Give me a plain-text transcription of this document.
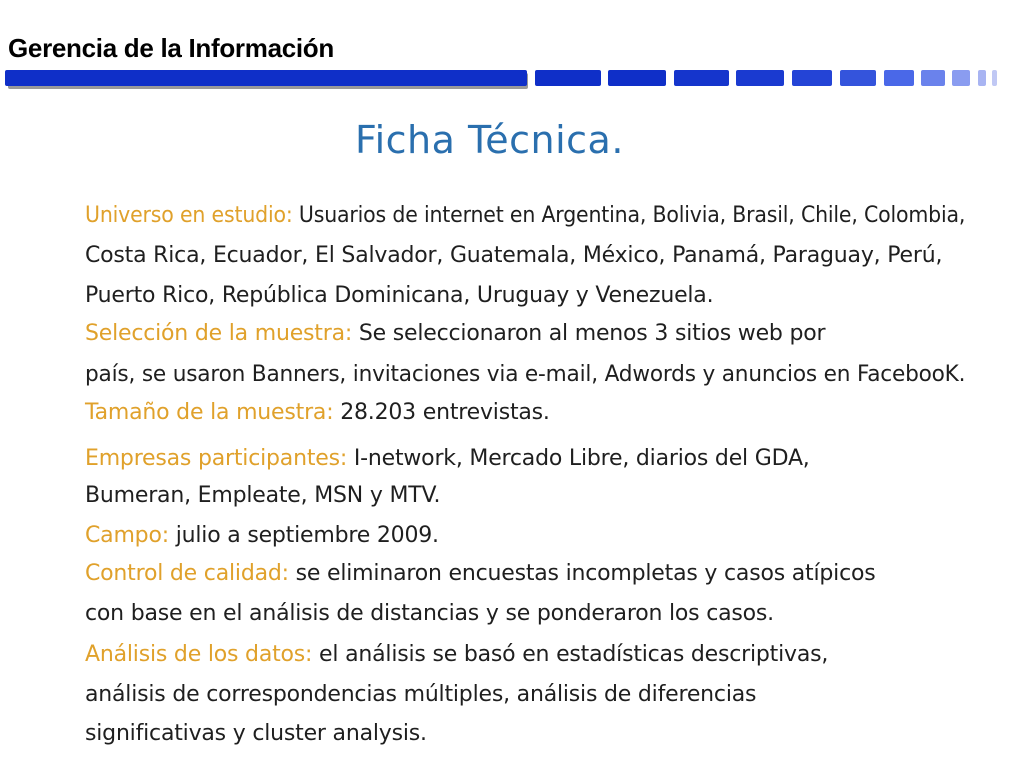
Gerencia de la Información
Ficha Técnica.
Universo en estudio: Usuarios de internet en Argentina, Bolivia, Brasil, Chile, Colombia,
Costa Rica, Ecuador, El Salvador, Guatemala, México, Panamá, Paraguay, Perú,
Puerto Rico, República Dominicana, Uruguay y Venezuela.
Selección de la muestra: Se seleccionaron al menos 3 sitios web por
país, se usaron Banners, invitaciones via e-mail, Adwords y anuncios en FacebooK.
Tamaño de la muestra: 28.203 entrevistas.
Empresas participantes: I-network, Mercado Libre, diarios del GDA,
Bumeran, Empleate, MSN y MTV.
Campo: julio a septiembre 2009.
Control de calidad: se eliminaron encuestas incompletas y casos atípicos
con base en el análisis de distancias y se ponderaron los casos.
Análisis de los datos: el análisis se basó en estadísticas descriptivas,
análisis de correspondencias múltiples, análisis de diferencias
significativas y cluster analysis.
